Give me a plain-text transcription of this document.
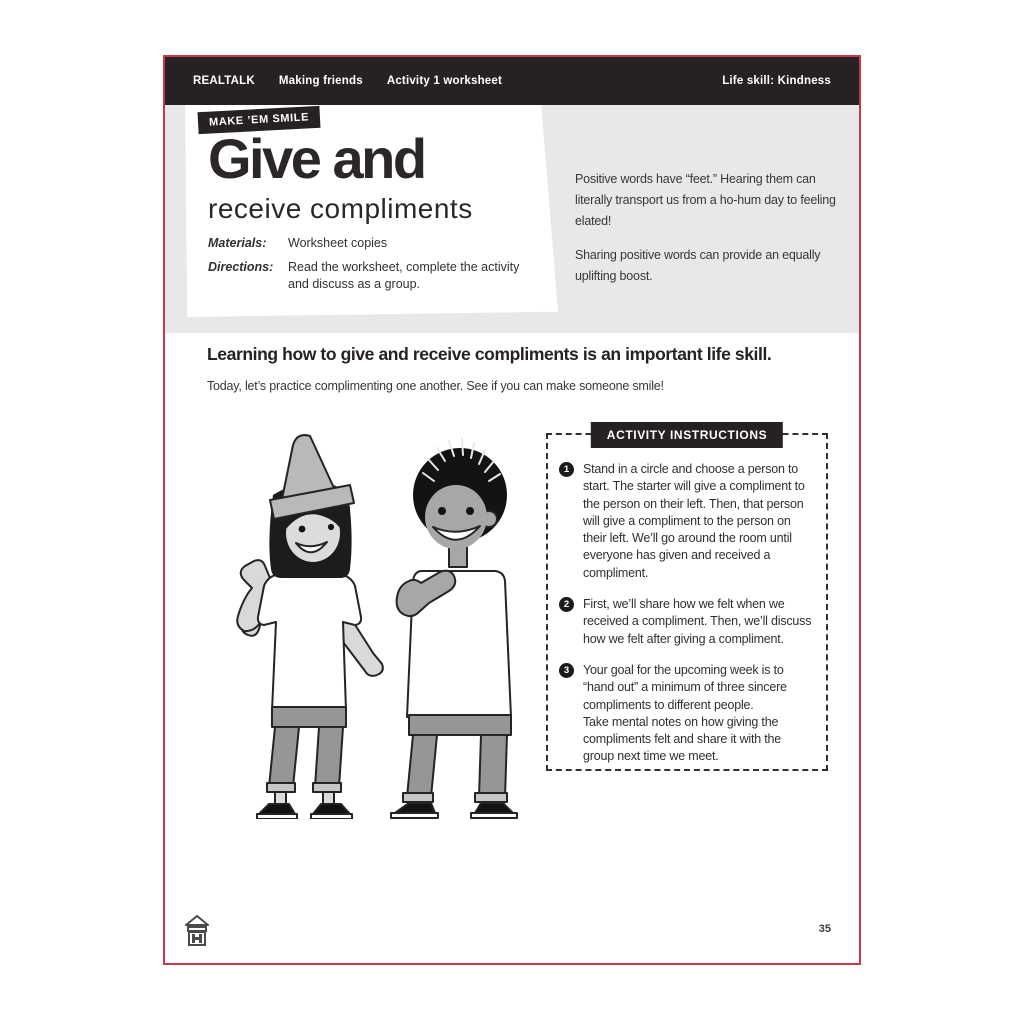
REALTALK Making friends Activity 1 worksheet	Life skill: Kindness
MAKE ’EM SMILE
Give and
receive compliments
Materials:	Worksheet copies
Directions:	Read the worksheet, complete the activity and discuss as a group.

Positive words have “feet.” Hearing them can literally transport us from a ho-hum day to feeling elated!

Sharing positive words can provide an equally uplifting boost.

Learning how to give and receive compliments is an important life skill.
Today, let’s practice complimenting one another. See if you can make someone smile!
ACTIVITY INSTRUCTIONS
1	Stand in a circle and choose a person to start. The starter will give a compliment to the person on their left. Then, that person will give a compliment to the person on their left. We’ll go around the room until everyone has given and received a compliment.
2	First, we’ll share how we felt when we received a compliment. Then, we’ll discuss how we felt after giving a compliment.
3	Your goal for the upcoming week is to “hand out” a minimum of three sincere compliments to different people.
Take mental notes on how giving the compliments felt and share it with the group next time we meet.
35
